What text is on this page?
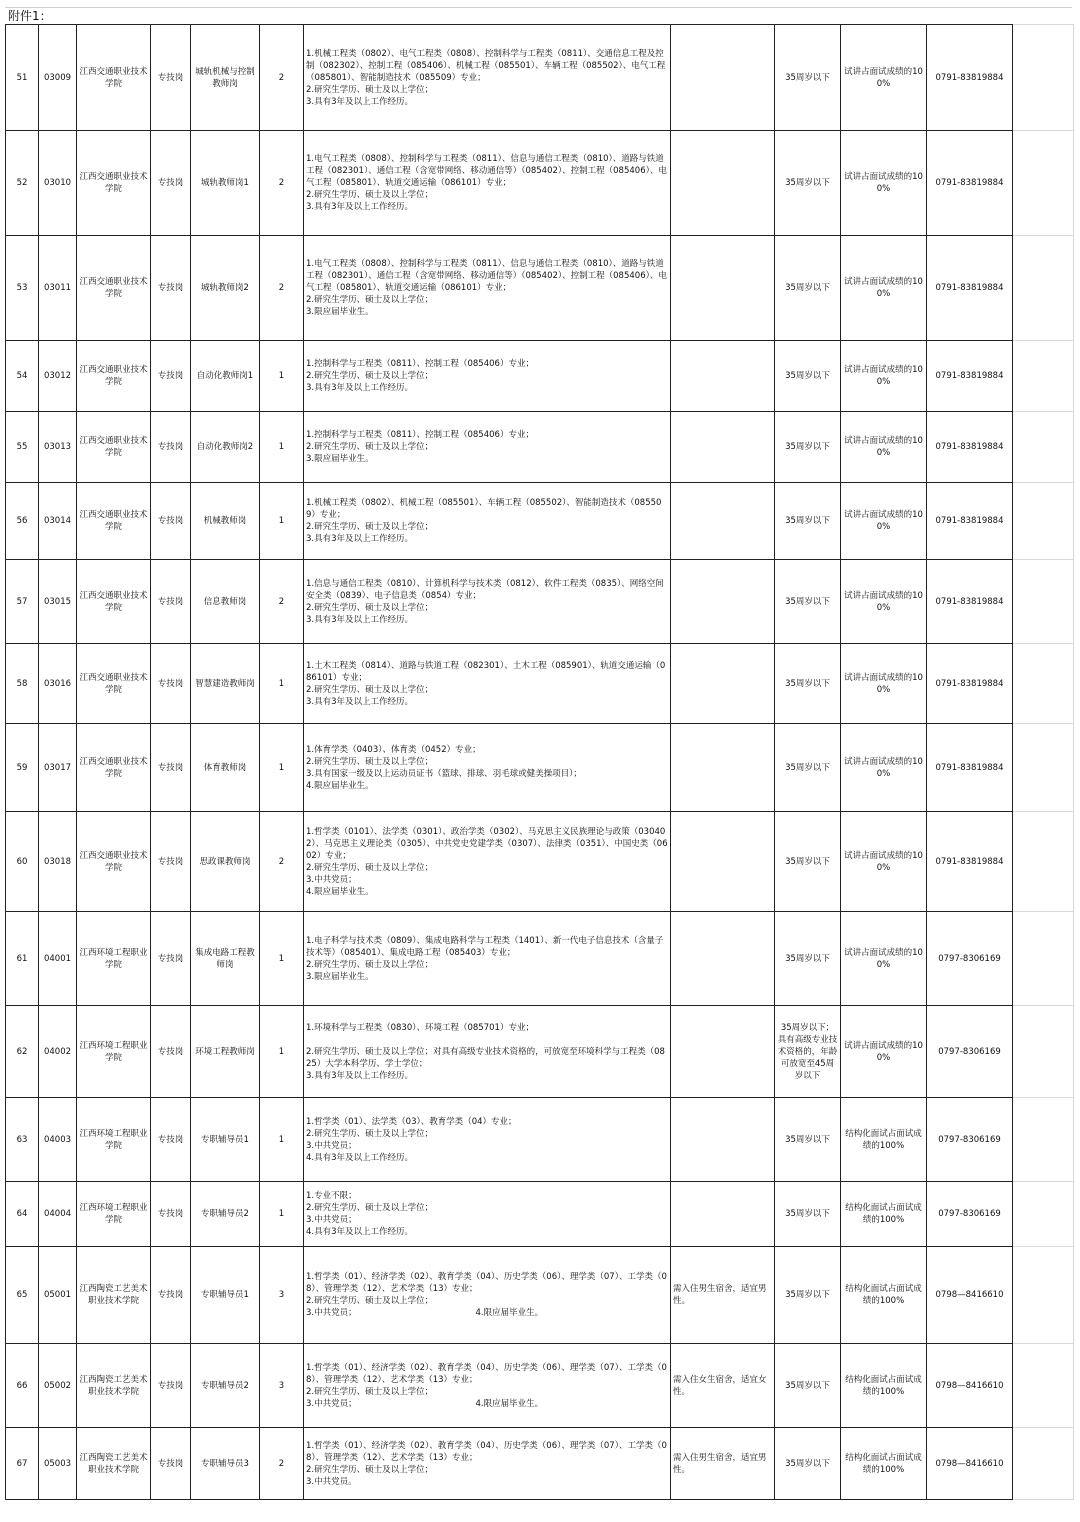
附件1：
51	03009	江西交通职业技术学院	专技岗	城轨机械与控制教师岗	2	1.机械工程类（0802）、电气工程类（0808）、控制科学与工程类（0811）、交通信息工程及控制（082302）、控制工程（085406）、机械工程（085501）、车辆工程（085502）、电气工程（085801）、智能制造技术（085509）专业；
2.研究生学历、硕士及以上学位；
3.具有3年及以上工作经历。		35周岁以下	试讲占面试成绩的100%	0791-83819884	
52	03010	江西交通职业技术学院	专技岗	城轨教师岗1	2	1.电气工程类（0808）、控制科学与工程类（0811）、信息与通信工程类（0810）、道路与铁道工程（082301）、通信工程（含宽带网络、移动通信等）（085402）、控制工程（085406）、电气工程（085801）、轨道交通运输（086101）专业；
2.研究生学历、硕士及以上学位；
3.具有3年及以上工作经历。		35周岁以下	试讲占面试成绩的100%	0791-83819884	
53	03011	江西交通职业技术学院	专技岗	城轨教师岗2	2	1.电气工程类（0808）、控制科学与工程类（0811）、信息与通信工程类（0810）、道路与铁道工程（082301）、通信工程（含宽带网络、移动通信等）（085402）、控制工程（085406）、电气工程（085801）、轨道交通运输（086101）专业；
2.研究生学历、硕士及以上学位；
3.限应届毕业生。		35周岁以下	试讲占面试成绩的100%	0791-83819884	
54	03012	江西交通职业技术学院	专技岗	自动化教师岗1	1	1.控制科学与工程类（0811）、控制工程（085406）专业；
2.研究生学历、硕士及以上学位；
3.具有3年及以上工作经历。		35周岁以下	试讲占面试成绩的100%	0791-83819884	
55	03013	江西交通职业技术学院	专技岗	自动化教师岗2	1	1.控制科学与工程类（0811）、控制工程（085406）专业；
2.研究生学历、硕士及以上学位；
3.限应届毕业生。		35周岁以下	试讲占面试成绩的100%	0791-83819884	
56	03014	江西交通职业技术学院	专技岗	机械教师岗	1	1.机械工程类（0802）、机械工程（085501）、车辆工程（085502）、智能制造技术（085509）专业；
2.研究生学历、硕士及以上学位；
3.具有3年及以上工作经历。		35周岁以下	试讲占面试成绩的100%	0791-83819884	
57	03015	江西交通职业技术学院	专技岗	信息教师岗	2	1.信息与通信工程类（0810）、计算机科学与技术类（0812）、软件工程类（0835）、网络空间安全类（0839）、电子信息类（0854）专业；
2.研究生学历、硕士及以上学位；
3.具有3年及以上工作经历。		35周岁以下	试讲占面试成绩的100%	0791-83819884	
58	03016	江西交通职业技术学院	专技岗	智慧建造教师岗	1	1.土木工程类（0814）、道路与铁道工程（082301）、土木工程（085901）、轨道交通运输（086101）专业；
2.研究生学历、硕士及以上学位；
3.具有3年及以上工作经历。		35周岁以下	试讲占面试成绩的100%	0791-83819884	
59	03017	江西交通职业技术学院	专技岗	体育教师岗	1	1.体育学类（0403）、体育类（0452）专业；
2.研究生学历、硕士及以上学位；
3.具有国家一级及以上运动员证书（篮球、排球、羽毛球或健美操项目）；
4.限应届毕业生。		35周岁以下	试讲占面试成绩的100%	0791-83819884	
60	03018	江西交通职业技术学院	专技岗	思政课教师岗	2	1.哲学类（0101）、法学类（0301）、政治学类（0302）、马克思主义民族理论与政策（030402）、马克思主义理论类（0305）、中共党史党建学类（0307）、法律类（0351）、中国史类（0602）专业；
2.研究生学历、硕士及以上学位；
3.中共党员；
4.限应届毕业生。		35周岁以下	试讲占面试成绩的100%	0791-83819884	
61	04001	江西环境工程职业学院	专技岗	集成电路工程教师岗	1	1.电子科学与技术类（0809）、集成电路科学与工程类（1401）、新一代电子信息技术（含量子技术等）（085401）、集成电路工程（085403）专业；
2.研究生学历、硕士及以上学位；
3.限应届毕业生。		35周岁以下	试讲占面试成绩的100%	0797-8306169	
62	04002	江西环境工程职业学院	专技岗	环境工程教师岗	1	1.环境科学与工程类（0830）、环境工程（085701）专业；

2.研究生学历、硕士及以上学位；对具有高级专业技术资格的，可放宽至环境科学与工程类（0825）大学本科学历、学士学位；
3.具有3年及以上工作经历。		35周岁以下；具有高级专业技术资格的，年龄可放宽至45周岁以下	试讲占面试成绩的100%	0797-8306169	
63	04003	江西环境工程职业学院	专技岗	专职辅导员1	1	1.哲学类（01）、法学类（03）、教育学类（04）专业；
2.研究生学历、硕士及以上学位；
3.中共党员；
4.具有3年及以上工作经历。		35周岁以下	结构化面试占面试成绩的100%	0797-8306169	
64	04004	江西环境工程职业学院	专技岗	专职辅导员2	1	1.专业不限；
2.研究生学历、硕士及以上学位；
3.中共党员；
4.具有3年及以上工作经历。		35周岁以下	结构化面试占面试成绩的100%	0797-8306169	
65	05001	江西陶瓷工艺美术职业技术学院	专技岗	专职辅导员1	3	1.哲学类（01）、经济学类（02）、教育学类（04）、历史学类（06）、理学类（07）、工学类（08）、管理学类（12）、艺术学类（13）专业；
2.研究生学历、硕士及以上学位；
3.中共党员；                                            4.限应届毕业生。	需入住男生宿舍，适宜男性。	35周岁以下	结构化面试占面试成绩的100%	0798—8416610	
66	05002	江西陶瓷工艺美术职业技术学院	专技岗	专职辅导员2	3	1.哲学类（01）、经济学类（02）、教育学类（04）、历史学类（06）、理学类（07）、工学类（08）、管理学类（12）、艺术学类（13）专业；
2.研究生学历、硕士及以上学位；
3.中共党员；                                            4.限应届毕业生。	需入住女生宿舍，适宜女性。	35周岁以下	结构化面试占面试成绩的100%	0798—8416610	
67	05003	江西陶瓷工艺美术职业技术学院	专技岗	专职辅导员3	2	1.哲学类（01）、经济学类（02）、教育学类（04）、历史学类（06）、理学类（07）、工学类（08）、管理学类（12）、艺术学类（13）专业；
2.研究生学历、硕士及以上学位；
3.中共党员。	需入住男生宿舍，适宜男性。	35周岁以下	结构化面试占面试成绩的100%	0798—8416610	
